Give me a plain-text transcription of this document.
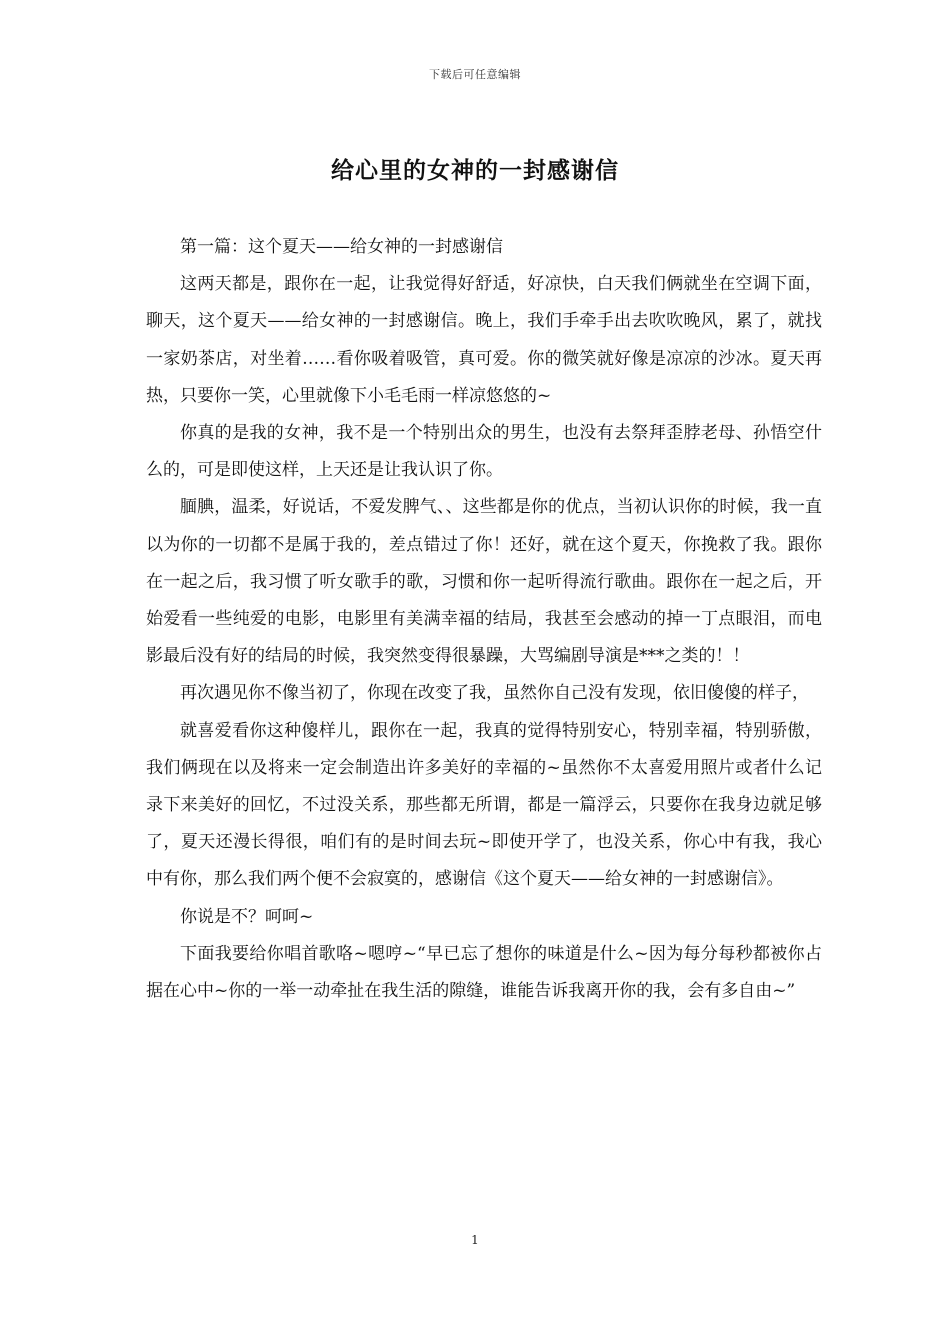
下载后可任意编辑
给心里的女神的一封感谢信

第一篇：这个夏天——给女神的一封感谢信

这两天都是，跟你在一起，让我觉得好舒适，好凉快，白天我们俩就坐在空调下面，聊天，这个夏天——给女神的一封感谢信。晚上，我们手牵手出去吹吹晚风，累了，就找一家奶茶店，对坐着……看你吸着吸管，真可爱。你的微笑就好像是凉凉的沙冰。夏天再热，只要你一笑，心里就像下小毛毛雨一样凉悠悠的~

你真的是我的女神，我不是一个特别出众的男生，也没有去祭拜歪脖老母、孙悟空什么的，可是即使这样，上天还是让我认识了你。

腼腆，温柔，好说话，不爱发脾气、、这些都是你的优点，当初认识你的时候，我一直以为你的一切都不是属于我的，差点错过了你！还好，就在这个夏天，你挽救了我。跟你在一起之后，我习惯了听女歌手的歌，习惯和你一起听得流行歌曲。跟你在一起之后，开始爱看一些纯爱的电影，电影里有美满幸福的结局，我甚至会感动的掉一丁点眼泪，而电影最后没有好的结局的时候，我突然变得很暴躁，大骂编剧导演是***之类的！！

再次遇见你不像当初了，你现在改变了我，虽然你自己没有发现，依旧傻傻的样子，

就喜爱看你这种傻样儿，跟你在一起，我真的觉得特别安心，特别幸福，特别骄傲，我们俩现在以及将来一定会制造出许多美好的幸福的~虽然你不太喜爱用照片或者什么记录下来美好的回忆，不过没关系，那些都无所谓，都是一篇浮云，只要你在我身边就足够了，夏天还漫长得很，咱们有的是时间去玩~即使开学了，也没关系，你心中有我，我心中有你，那么我们两个便不会寂寞的，感谢信《这个夏天——给女神的一封感谢信》。

你说是不？呵呵~

下面我要给你唱首歌咯~嗯哼~“早已忘了想你的味道是什么~因为每分每秒都被你占据在心中~你的一举一动牵扯在我生活的隙缝，谁能告诉我离开你的我，会有多自由~”

1
